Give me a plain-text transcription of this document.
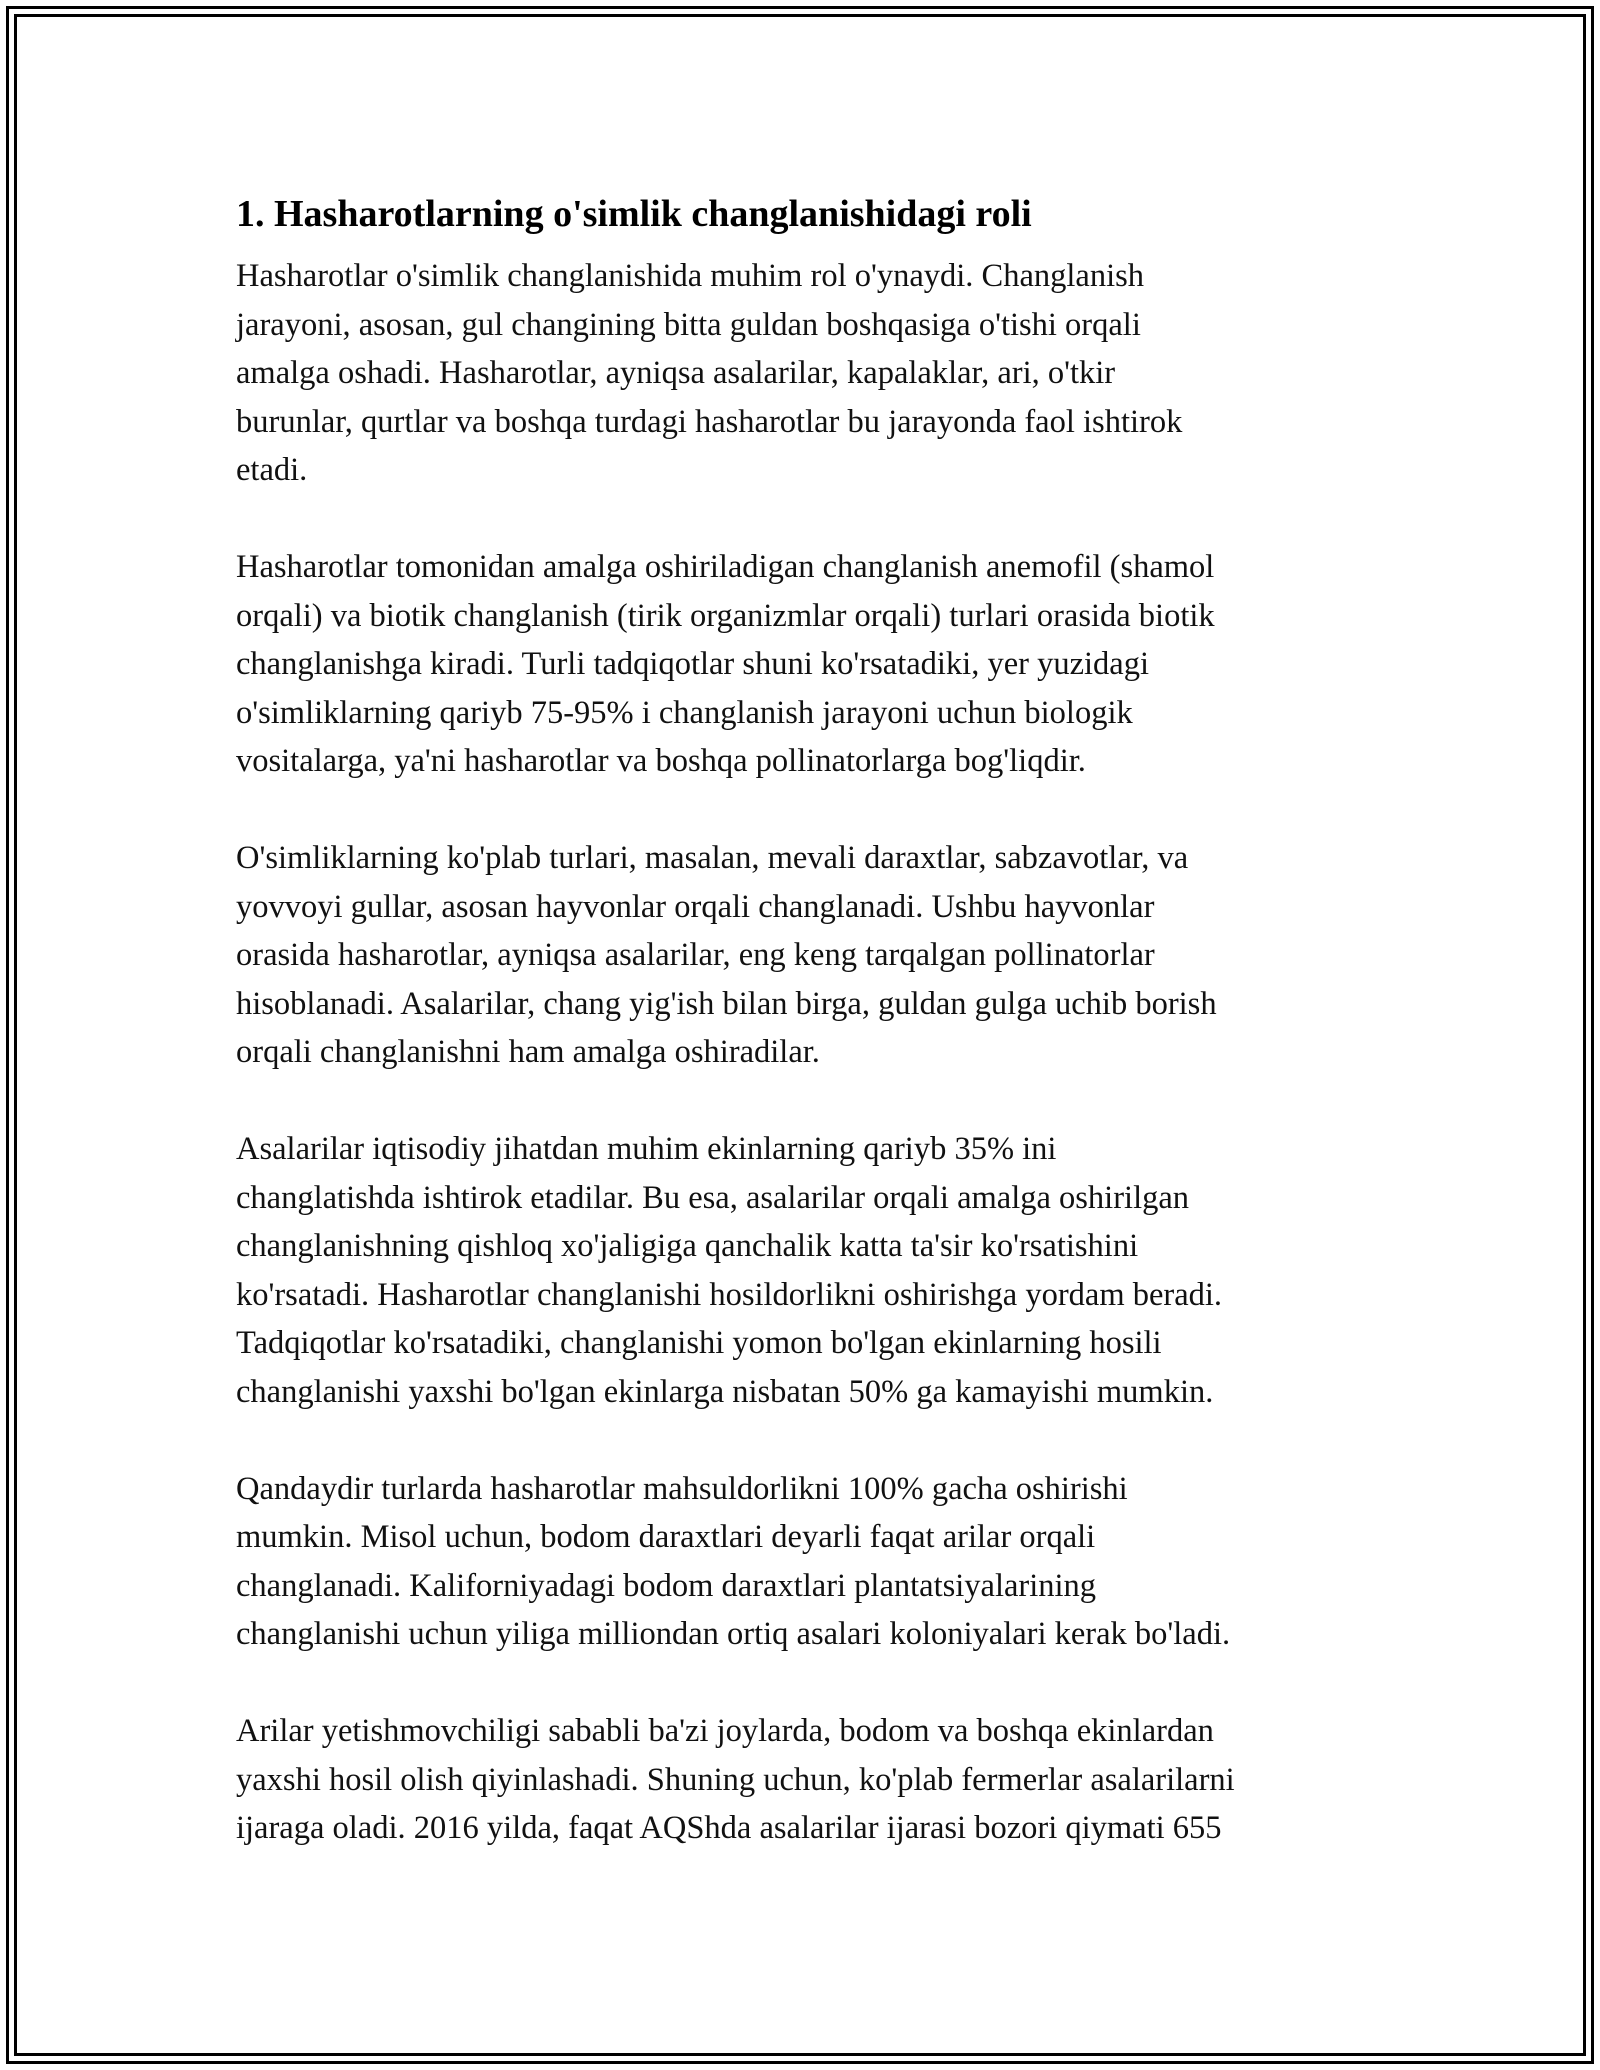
1. Hasharotlarning o'simlik changlanishidagi roli

Hasharotlar o'simlik changlanishida muhim rol o'ynaydi. Changlanish
jarayoni, asosan, gul changining bitta guldan boshqasiga o'tishi orqali
amalga oshadi. Hasharotlar, ayniqsa asalarilar, kapalaklar, ari, o'tkir
burunlar, qurtlar va boshqa turdagi hasharotlar bu jarayonda faol ishtirok
etadi.

Hasharotlar tomonidan amalga oshiriladigan changlanish anemofil (shamol
orqali) va biotik changlanish (tirik organizmlar orqali) turlari orasida biotik
changlanishga kiradi. Turli tadqiqotlar shuni ko'rsatadiki, yer yuzidagi
o'simliklarning qariyb 75-95% i changlanish jarayoni uchun biologik
vositalarga, ya'ni hasharotlar va boshqa pollinatorlarga bog'liqdir.

O'simliklarning ko'plab turlari, masalan, mevali daraxtlar, sabzavotlar, va
yovvoyi gullar, asosan hayvonlar orqali changlanadi. Ushbu hayvonlar
orasida hasharotlar, ayniqsa asalarilar, eng keng tarqalgan pollinatorlar
hisoblanadi. Asalarilar, chang yig'ish bilan birga, guldan gulga uchib borish
orqali changlanishni ham amalga oshiradilar.

Asalarilar iqtisodiy jihatdan muhim ekinlarning qariyb 35% ini
changlatishda ishtirok etadilar. Bu esa, asalarilar orqali amalga oshirilgan
changlanishning qishloq xo'jaligiga qanchalik katta ta'sir ko'rsatishini
ko'rsatadi. Hasharotlar changlanishi hosildorlikni oshirishga yordam beradi.
Tadqiqotlar ko'rsatadiki, changlanishi yomon bo'lgan ekinlarning hosili
changlanishi yaxshi bo'lgan ekinlarga nisbatan 50% ga kamayishi mumkin.

Qandaydir turlarda hasharotlar mahsuldorlikni 100% gacha oshirishi
mumkin. Misol uchun, bodom daraxtlari deyarli faqat arilar orqali
changlanadi. Kaliforniyadagi bodom daraxtlari plantatsiyalarining
changlanishi uchun yiliga milliondan ortiq asalari koloniyalari kerak bo'ladi.

Arilar yetishmovchiligi sababli ba'zi joylarda, bodom va boshqa ekinlardan
yaxshi hosil olish qiyinlashadi. Shuning uchun, ko'plab fermerlar asalarilarni
ijaraga oladi. 2016 yilda, faqat AQShda asalarilar ijarasi bozori qiymati 655
